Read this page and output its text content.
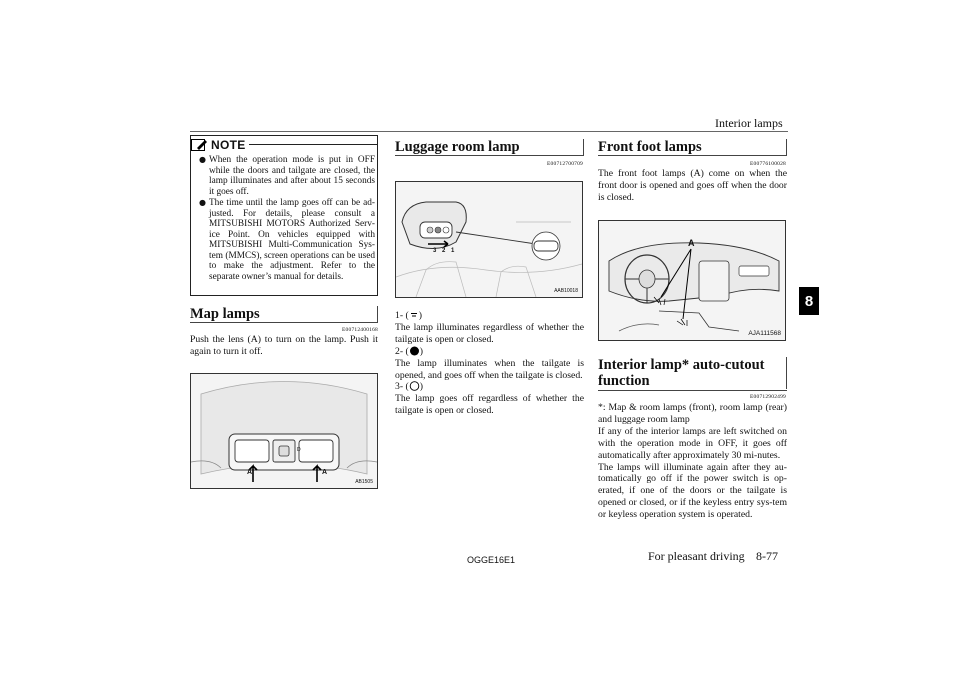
Interior lamps
NOTE
● When the operation mode is put in OFF while the doors and tailgate are closed, the lamp illuminates and after about 15 seconds it goes off.
● The time until the lamp goes off can be ad-justed. For details, please consult a MITSUBISHI MOTORS Authorized Serv-ice Point. On vehicles equipped with MITSUBISHI Multi-Communication Sys-tem (MMCS), screen operations can be used to make the adjustment. Refer to the separate owner’s manual for details.
Map lamps
E00712400168

Push the lens (A) to turn on the lamp. Push it again to turn it off.

A	A
D
AB1505
Luggage room lamp
E00712700709
3 2 1
AAB10018

1- ( )

The lamp illuminates regardless of whether the tailgate is open or closed.

2- ( )

The lamp illuminates when the tailgate is opened, and goes off when the tailgate is closed.

3- ( )

The lamp goes off regardless of whether the tailgate is open or closed.

Front foot lamps
E00776100028

The front foot lamps (A) come on when the front door is opened and goes off when the door is closed.

A
AJA111568
Interior lamp* auto-cutout
function
E00712902499

*: Map & room lamps (front), room lamp (rear) and luggage room lamp

If any of the interior lamps are left switched on with the operation mode in OFF, it goes off automatically after approximately 30 mi-nutes.

The lamps will illuminate again after they au-tomatically go off if the power switch is op-erated, if one of the doors or the tailgate is opened or closed, or if the keyless entry sys-tem or keyless operation system is operated.

8
OGGE16E1	For pleasant driving 8-77
